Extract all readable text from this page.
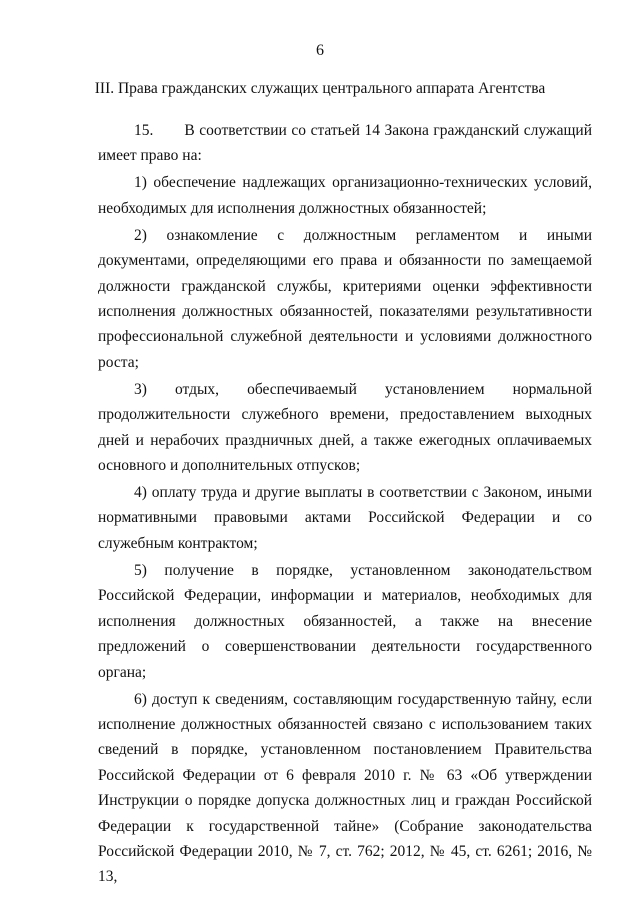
6
III. Права гражданских служащих центрального аппарата Агентства

15.  В соответствии со статьей 14 Закона гражданский служащий имеет право на:

1) обеспечение надлежащих организационно-технических условий, необходимых для исполнения должностных обязанностей;

2) ознакомление с должностным регламентом и иными документами, определяющими его права и обязанности по замещаемой должности гражданской службы, критериями оценки эффективности исполнения должностных обязанностей, показателями результативности профессиональной служебной деятельности и условиями должностного роста;

3) отдых, обеспечиваемый установлением нормальной продолжительности служебного времени, предоставлением выходных дней и нерабочих праздничных дней, а также ежегодных оплачиваемых основного и дополнительных отпусков;

4) оплату труда и другие выплаты в соответствии с Законом, иными нормативными правовыми актами Российской Федерации и со служебным контрактом;

5) получение в порядке, установленном законодательством Российской Федерации, информации и материалов, необходимых для исполнения должностных обязанностей, а также на внесение предложений о совершенствовании деятельности государственного органа;

6) доступ к сведениям, составляющим государственную тайну, если исполнение должностных обязанностей связано с использованием таких сведений в порядке, установленном постановлением Правительства Российской Федерации от 6 февраля 2010 г. № 63 «Об утверждении Инструкции о порядке допуска должностных лиц и граждан Российской Федерации к государственной тайне» (Собрание законодательства Российской Федерации 2010, № 7, ст. 762; 2012, № 45, ст. 6261; 2016, № 13,
